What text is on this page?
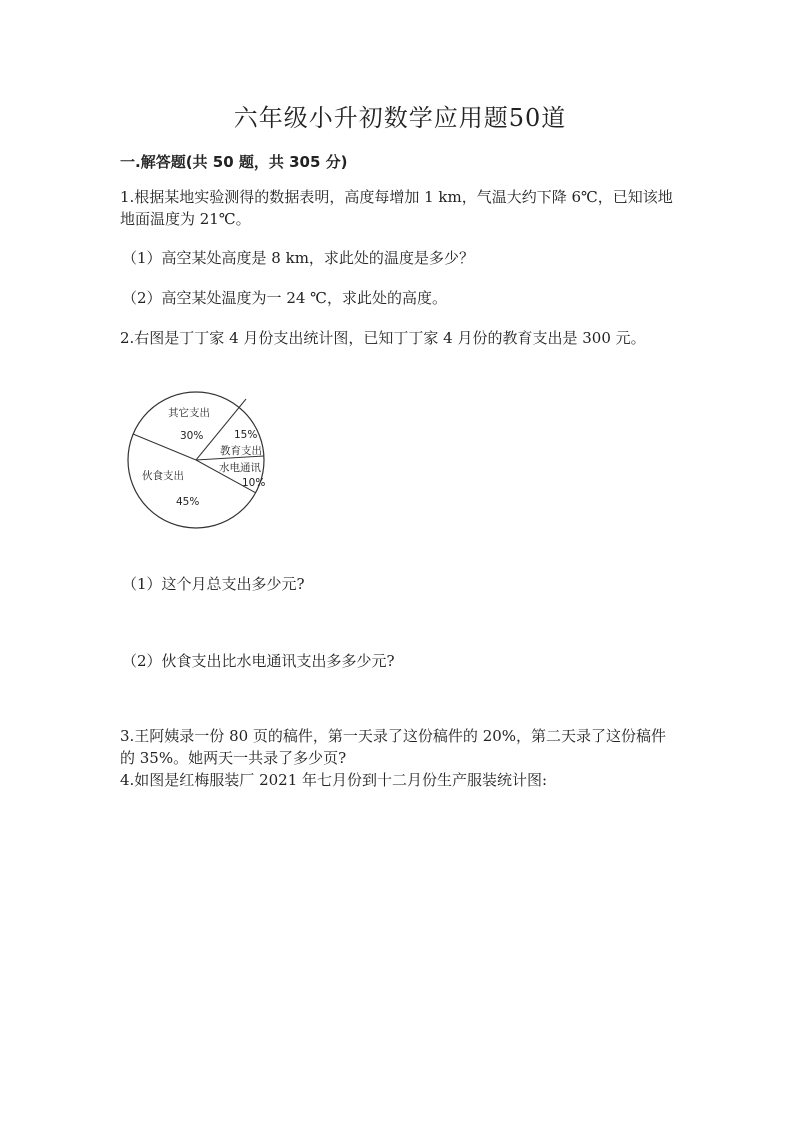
六年级小升初数学应用题50道
一.解答题(共 50 题，共 305 分)
1.根据某地实验测得的数据表明，高度每增加 1 km，气温大约下降 6℃，已知该地地面温度为 21℃。
（1）高空某处高度是 8 km，求此处的温度是多少？
（2）高空某处温度为一 24 ℃，求此处的高度。
2.右图是丁丁家 4 月份支出统计图，已知丁丁家 4 月份的教育支出是 300 元。
其它支出
30%	15%
教育支出
水电通讯
10%
伙食支出
45%
（1）这个月总支出多少元?
（2）伙食支出比水电通讯支出多多少元?
3.王阿姨录一份 80 页的稿件，第一天录了这份稿件的 20%，第二天录了这份稿件的 35%。她两天一共录了多少页?
4.如图是红梅服装厂 2021 年七月份到十二月份生产服装统计图:
